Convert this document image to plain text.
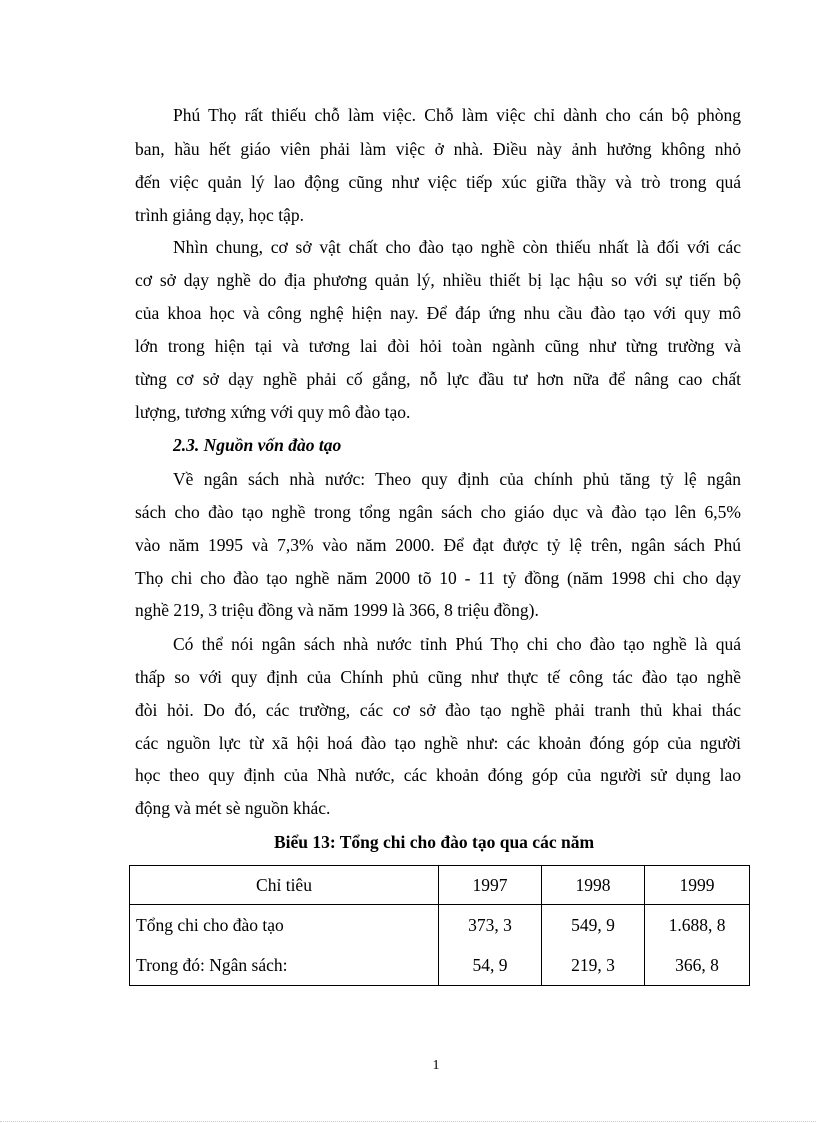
Phú Thọ rất thiếu chỗ làm việc. Chỗ làm việc chỉ dành cho cán bộ phòng
ban, hầu hết giáo viên phải làm việc ở nhà. Điều này ảnh hưởng không nhỏ
đến việc quản lý lao động cũng như việc tiếp xúc giữa thầy và trò trong quá
trình giảng dạy, học tập.
Nhìn chung, cơ sở vật chất cho đào tạo nghề còn thiếu nhất là đối với các
cơ sở dạy nghề do địa phương quản lý, nhiều thiết bị lạc hậu so với sự tiến bộ
của khoa học và công nghệ hiện nay. Để đáp ứng nhu cầu đào tạo với quy mô
lớn trong hiện tại và tương lai đòi hỏi toàn ngành cũng như từng trường và
từng cơ sở dạy nghề phải cố gắng, nỗ lực đầu tư hơn nữa để nâng cao chất
lượng, tương xứng với quy mô đào tạo.
2.3. Nguồn vốn đào tạo
Về ngân sách nhà nước: Theo quy định của chính phủ tăng tỷ lệ ngân
sách cho đào tạo nghề trong tổng ngân sách cho giáo dục và đào tạo lên 6,5%
vào năm 1995 và 7,3% vào năm 2000. Để đạt được tỷ lệ trên, ngân sách Phú
Thọ chi cho đào tạo nghề năm 2000 tõ 10 - 11 tỷ đồng (năm 1998 chi cho dạy
nghề 219, 3 triệu đồng và năm 1999 là 366, 8 triệu đồng).
Có thể nói ngân sách nhà nước tỉnh Phú Thọ chi cho đào tạo nghề là quá
thấp so với quy định của Chính phủ cũng như thực tế công tác đào tạo nghề
đòi hỏi. Do đó, các trường, các cơ sở đào tạo nghề phải tranh thủ khai thác
các nguồn lực từ xã hội hoá đào tạo nghề như: các khoản đóng góp của người
học theo quy định của Nhà nước, các khoản đóng góp của người sử dụng lao
động và mét sè nguồn khác.
Biểu 13: Tổng chi cho đào tạo qua các năm
Chỉ tiêu	1997	1998	1999
Tổng chi cho đào tạo	373, 3	549, 9	1.688, 8
Trong đó: Ngân sách:	54, 9	219, 3	366, 8
1
